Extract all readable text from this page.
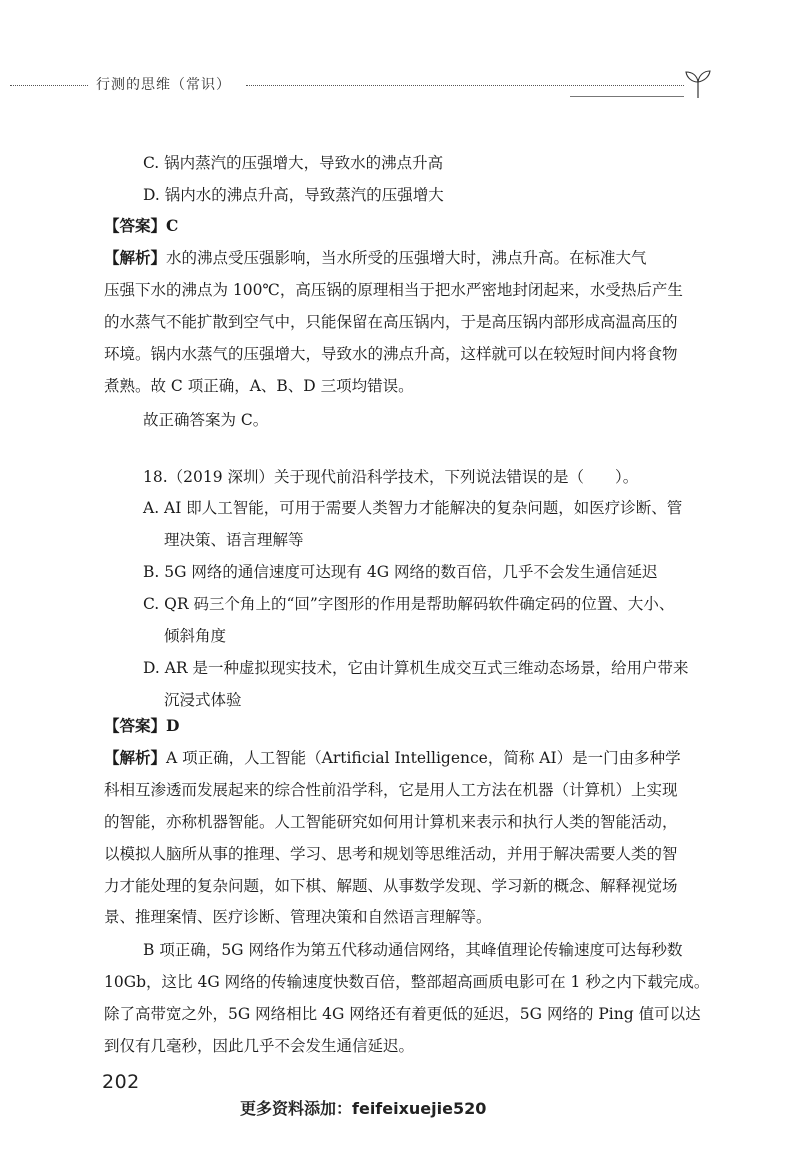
行测的思维（常识）
C. 锅内蒸汽的压强增大，导致水的沸点升高
D. 锅内水的沸点升高，导致蒸汽的压强增大
【答案】C
【解析】水的沸点受压强影响，当水所受的压强增大时，沸点升高。在标准大气
压强下水的沸点为 100℃，高压锅的原理相当于把水严密地封闭起来，水受热后产生
的水蒸气不能扩散到空气中，只能保留在高压锅内，于是高压锅内部形成高温高压的
环境。锅内水蒸气的压强增大，导致水的沸点升高，这样就可以在较短时间内将食物
煮熟。故 C 项正确，A、B、D 三项均错误。
故正确答案为 C。
18.（2019 深圳）关于现代前沿科学技术，下列说法错误的是（　　）。
A. AI 即人工智能，可用于需要人类智力才能解决的复杂问题，如医疗诊断、管
理决策、语言理解等
B. 5G 网络的通信速度可达现有 4G 网络的数百倍，几乎不会发生通信延迟
C. QR 码三个角上的“回”字图形的作用是帮助解码软件确定码的位置、大小、
倾斜角度
D. AR 是一种虚拟现实技术，它由计算机生成交互式三维动态场景，给用户带来
沉浸式体验
【答案】D
【解析】A 项正确，人工智能（Artificial Intelligence，简称 AI）是一门由多种学
科相互渗透而发展起来的综合性前沿学科，它是用人工方法在机器（计算机）上实现
的智能，亦称机器智能。人工智能研究如何用计算机来表示和执行人类的智能活动，
以模拟人脑所从事的推理、学习、思考和规划等思维活动，并用于解决需要人类的智
力才能处理的复杂问题，如下棋、解题、从事数学发现、学习新的概念、解释视觉场
景、推理案情、医疗诊断、管理决策和自然语言理解等。
B 项正确，5G 网络作为第五代移动通信网络，其峰值理论传输速度可达每秒数
10Gb，这比 4G 网络的传输速度快数百倍，整部超高画质电影可在 1 秒之内下载完成。
除了高带宽之外，5G 网络相比 4G 网络还有着更低的延迟，5G 网络的 Ping 值可以达
到仅有几毫秒，因此几乎不会发生通信延迟。
202
更多资料添加：feifeixuejie520
